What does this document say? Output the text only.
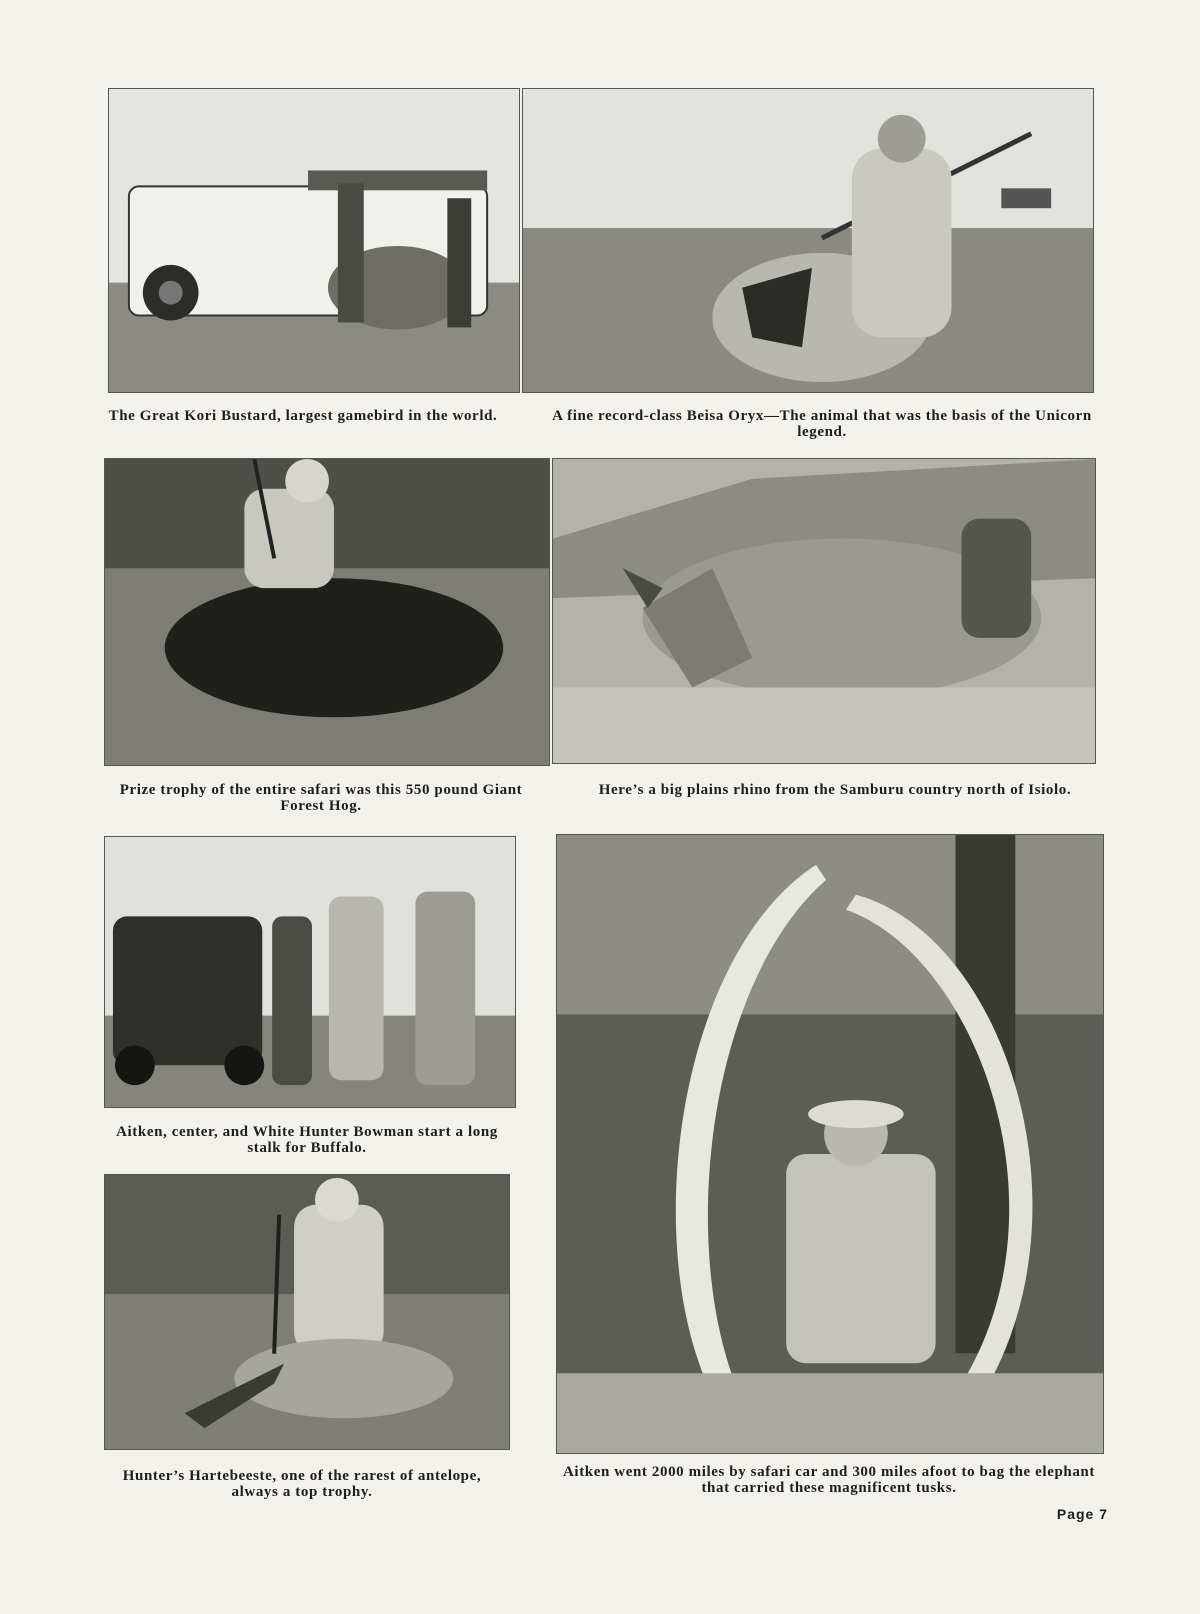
The Great Kori Bustard, largest gamebird in the world.	A fine record-class Beisa Oryx—The animal that was the basis of the Unicorn legend.
Prize trophy of the entire safari was this 550 pound Giant Forest Hog.
Here’s a big plains rhino from the Samburu country north of Isiolo.
Aitken, center, and White Hunter Bowman start a long stalk for Buffalo.
Hunter’s Hartebeeste, one of the rarest of antelope, always a top trophy.
Aitken went 2000 miles by safari car and 300 miles afoot to bag the elephant that carried these magnificent tusks.
Page 7
